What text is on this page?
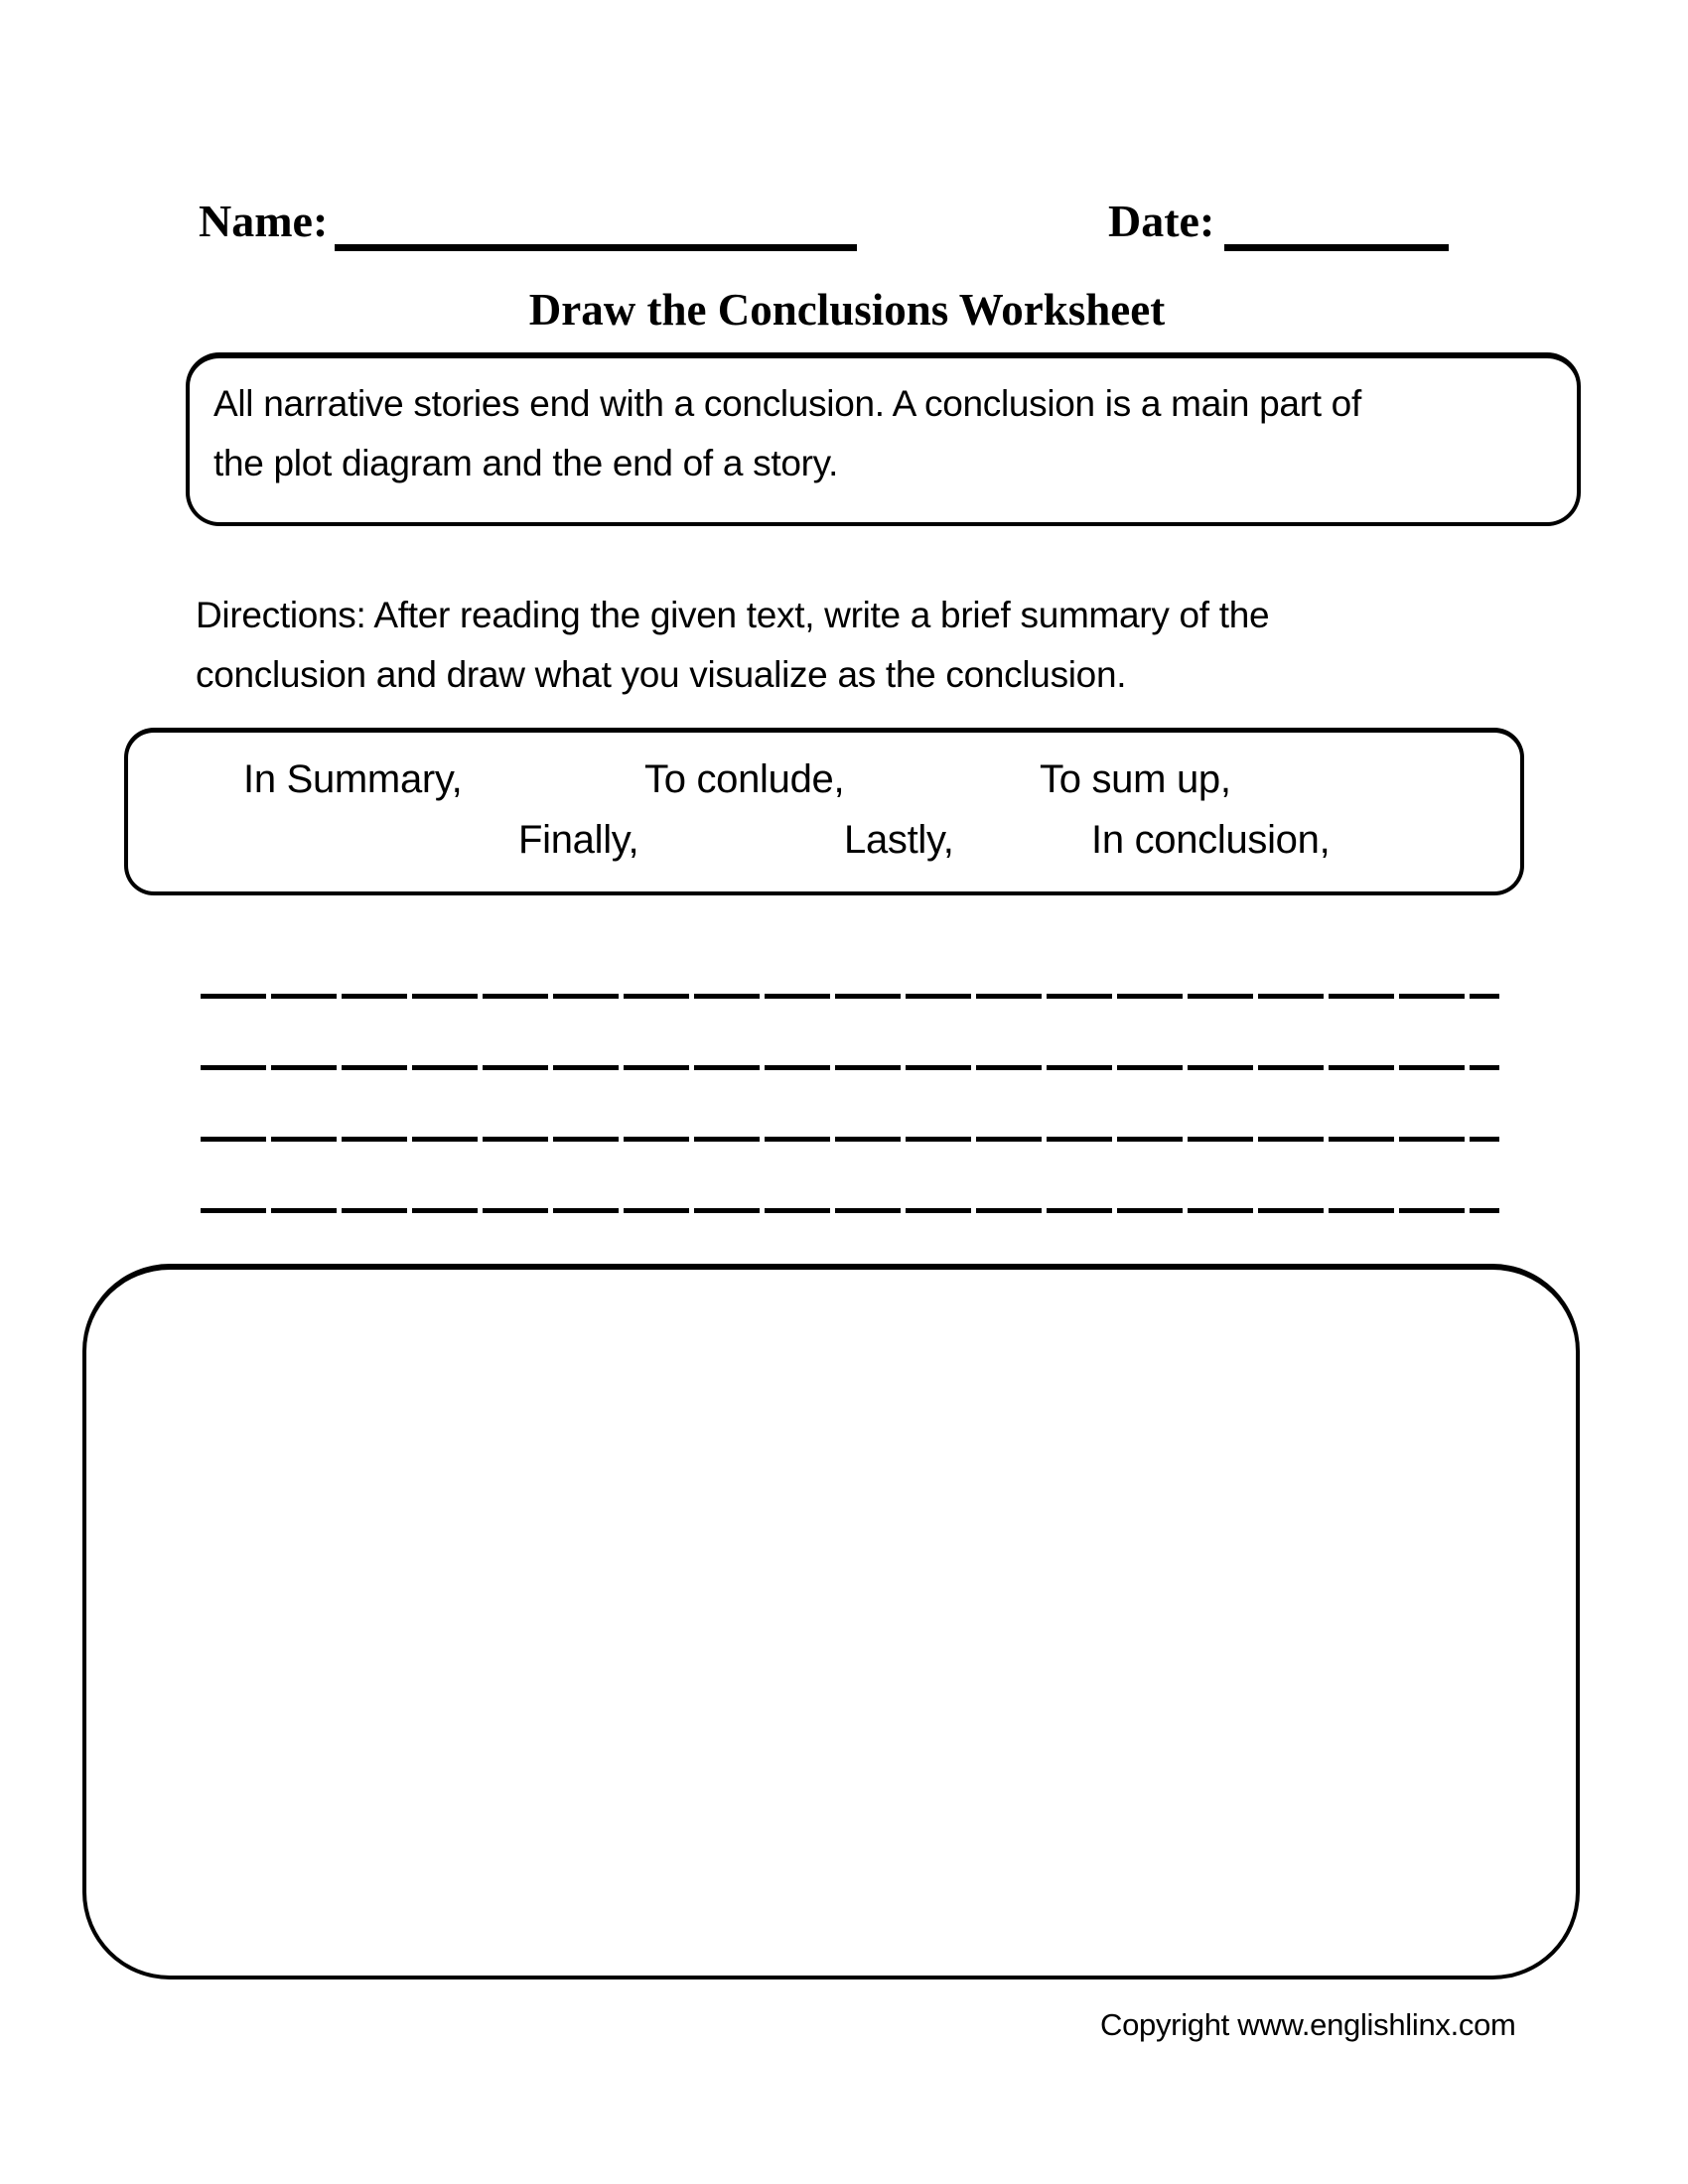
Name:	Date:
Draw the Conclusions Worksheet
All narrative stories end with a conclusion. A conclusion is a main part of
the plot diagram and the end of a story.
Directions: After reading the given text, write a brief summary of the
conclusion and draw what you visualize as the conclusion.
In Summary,	To conlude,	To sum up,
Finally,	Lastly,	In conclusion,
Copyright www.englishlinx.com
